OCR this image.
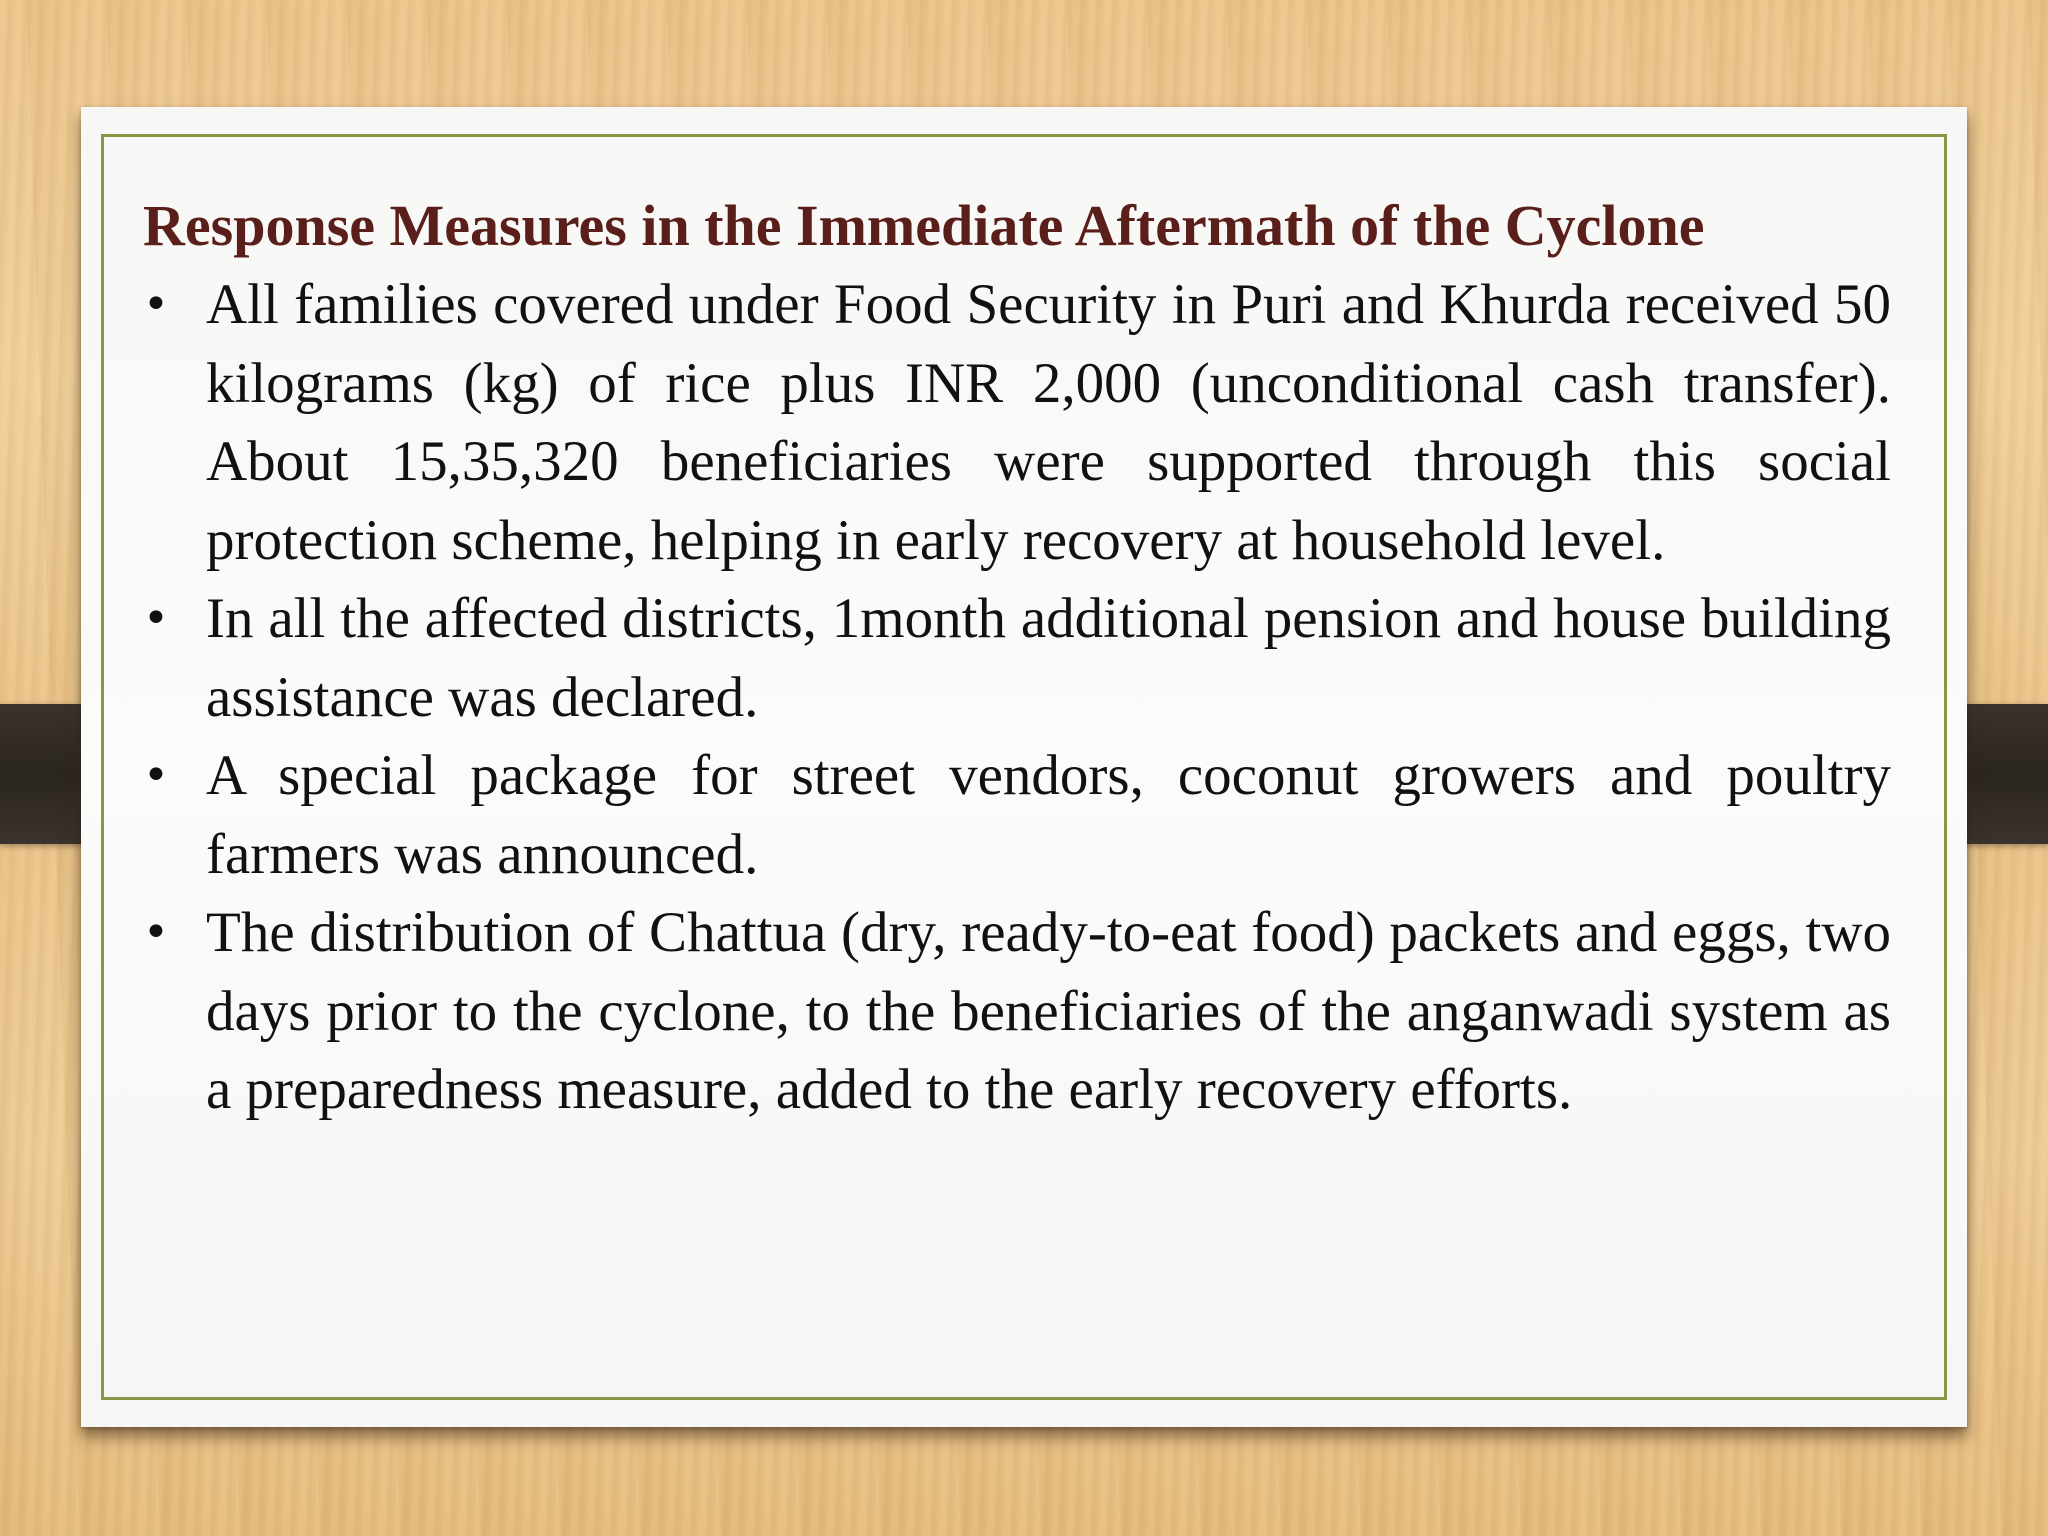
Response Measures in the Immediate Aftermath of the Cyclone
• All families covered under Food Security in Puri and Khurda received 50 kilograms (kg) of rice plus INR 2,000 (unconditional cash transfer). About 15,35,320 beneficiaries were supported through this social protection scheme, helping in early recovery at household level.
• In all the affected districts, 1month additional pension and house building assistance was declared.
• A special package for street vendors, coconut growers and poultry farmers was announced.
• The distribution of Chattua (dry, ready-to-eat food) packets and eggs, two days prior to the cyclone, to the beneficiaries of the anganwadi system as a preparedness measure, added to the early recovery efforts.
